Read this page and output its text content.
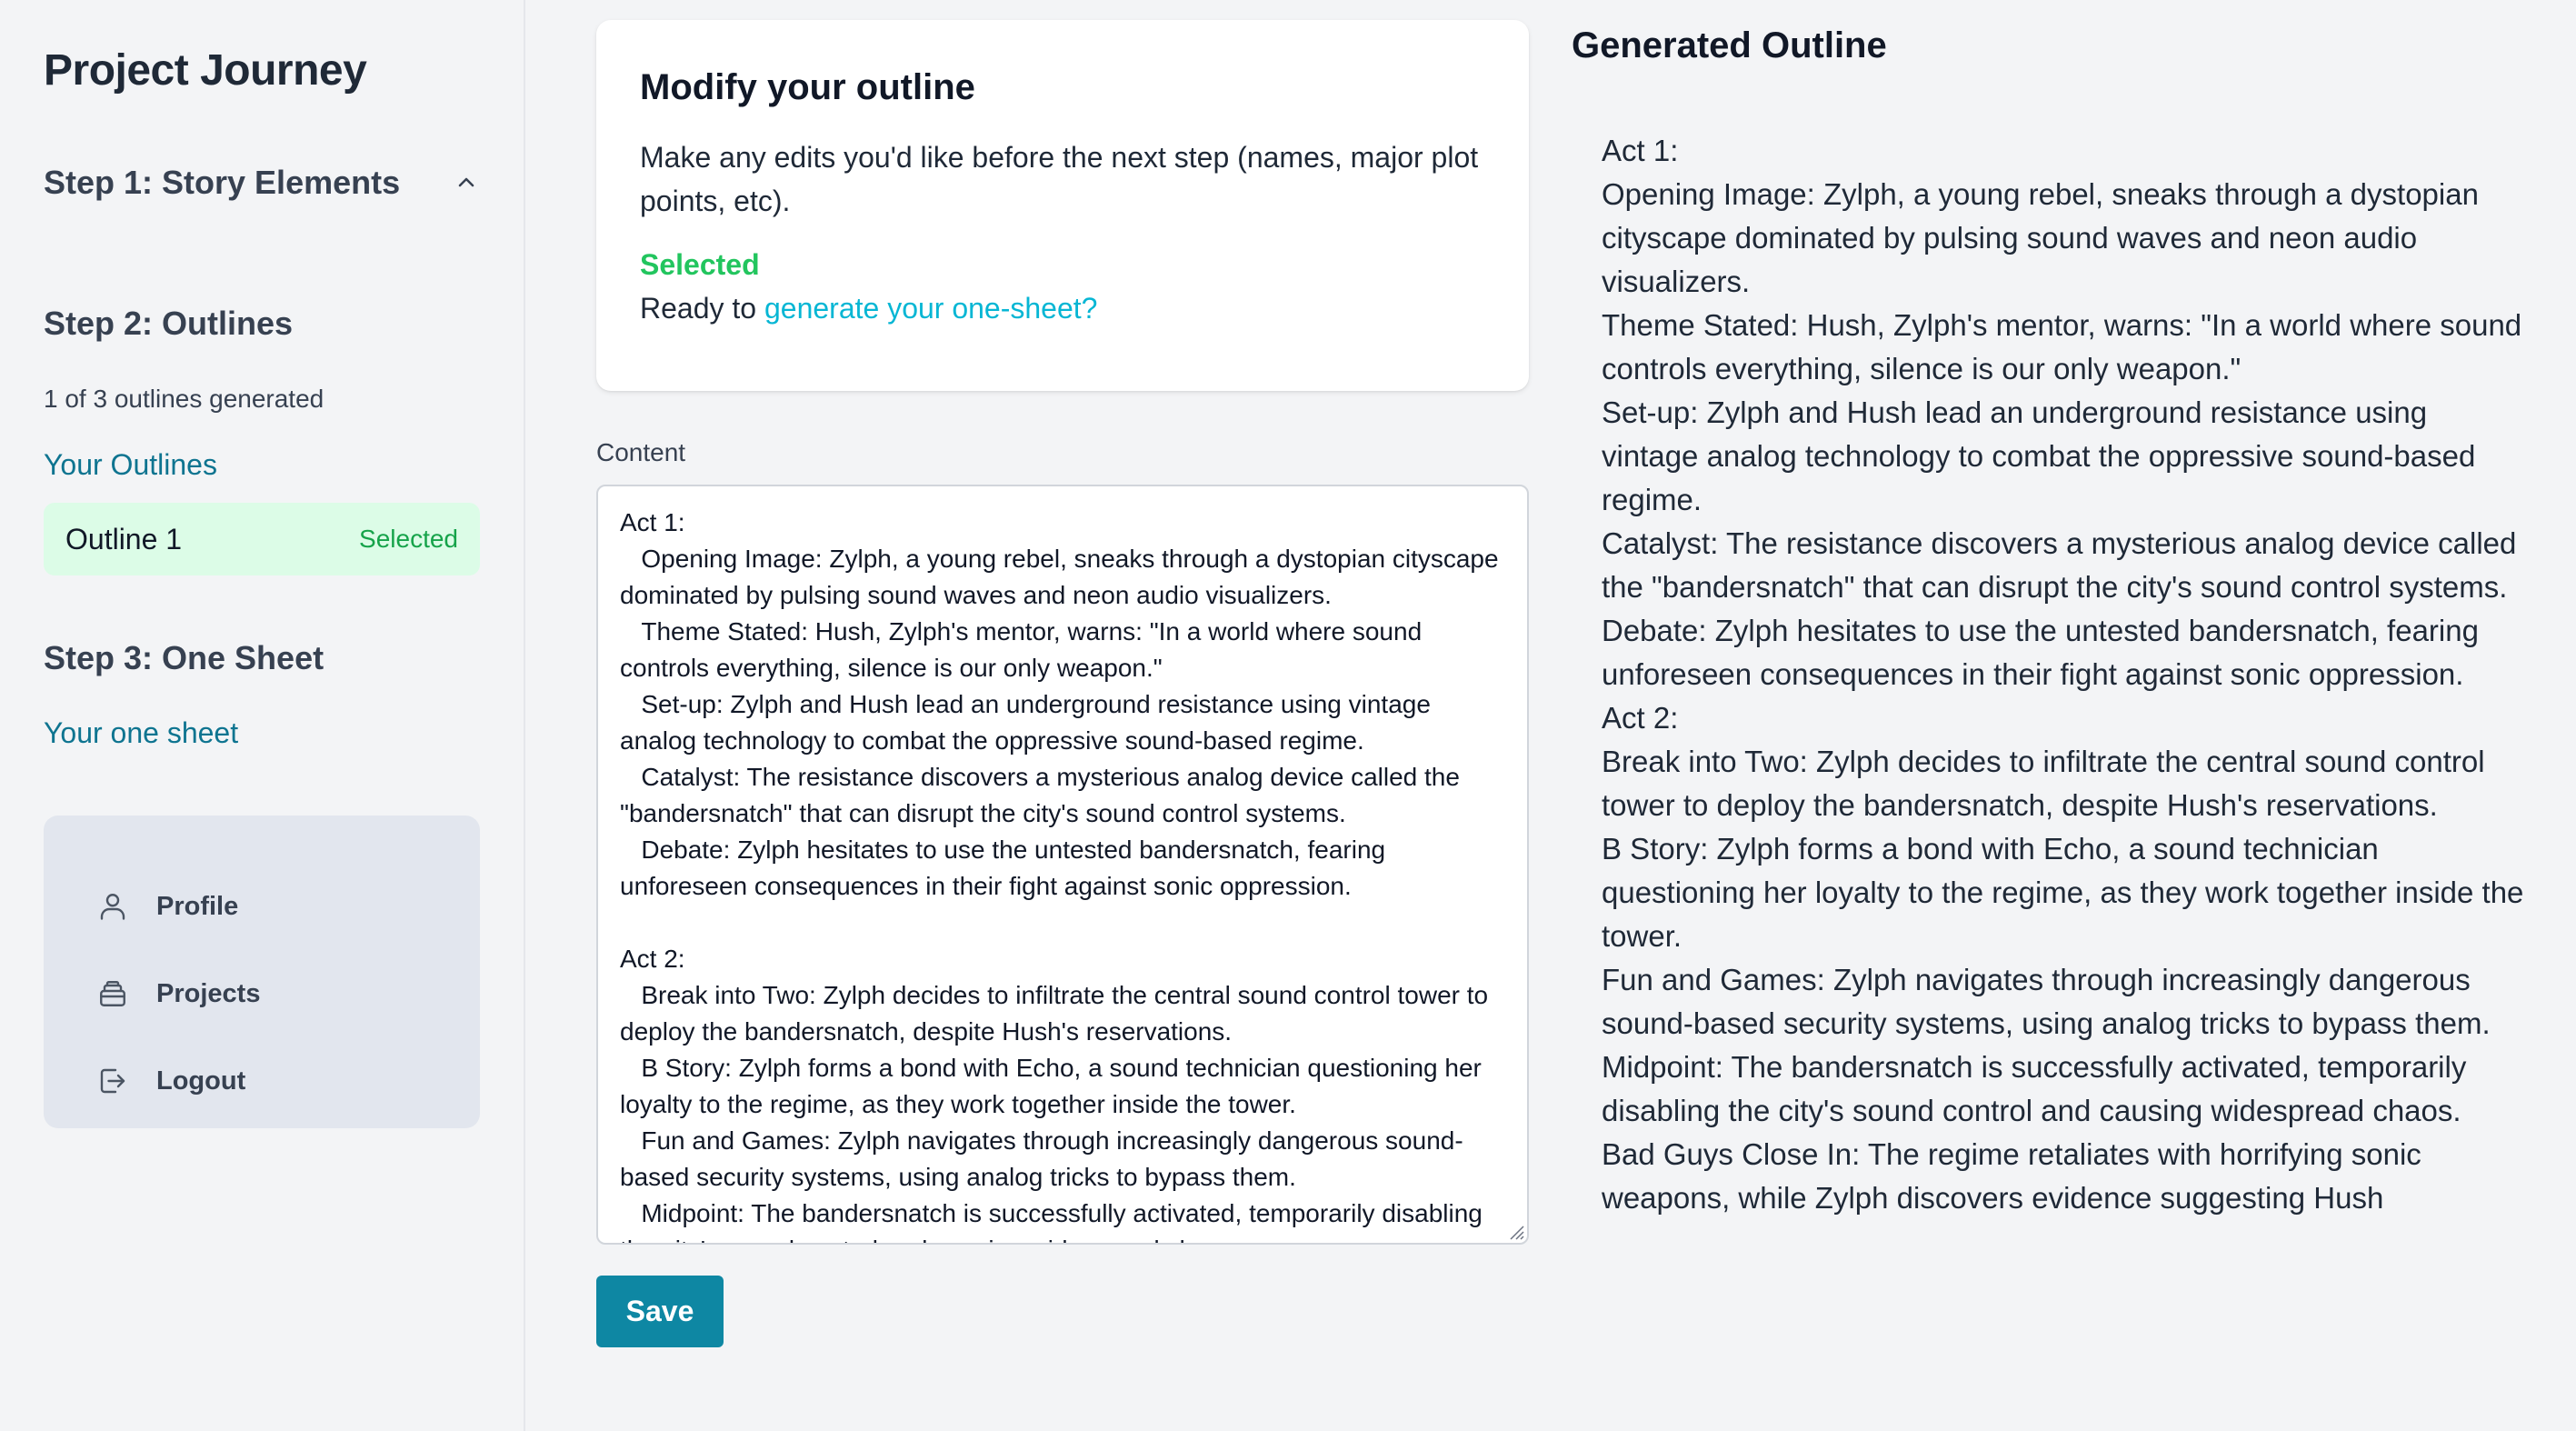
Project Journey
Step 1: Story Elements
Step 2: Outlines
1 of 3 outlines generated
Your Outlines
Outline 1	Selected
Step 3: One Sheet
Your one sheet
Profile
Projects
Logout
Modify your outline

Make any edits you'd like before the next step (names, major plot points, etc).

Selected
Ready to generate your one-sheet?
Content
Act 1: Opening Image: Zylph, a young rebel, sneaks through a dystopian cityscape dominated by pulsing sound waves and neon audio visualizers. Theme Stated: Hush, Zylph's mentor, warns: "In a world where sound controls everything, silence is our only weapon." Set-up: Zylph and Hush lead an underground resistance using vintage analog technology to combat the oppressive sound-based regime. Catalyst: The resistance discovers a mysterious analog device called the "bandersnatch" that can disrupt the city's sound control systems. Debate: Zylph hesitates to use the untested bandersnatch, fearing unforeseen consequences in their fight against sonic oppression. Act 2: Break into Two: Zylph decides to infiltrate the central sound control tower to deploy the bandersnatch, despite Hush's reservations. B Story: Zylph forms a bond with Echo, a sound technician questioning her loyalty to the regime, as they work together inside the tower. Fun and Games: Zylph navigates through increasingly dangerous sound-based security systems, using analog tricks to bypass them. Midpoint: The bandersnatch is successfully activated, temporarily disabling the city's sound control and causing widespread chaos.
Save
Generated Outline
Act 1:
Opening Image: Zylph, a young rebel, sneaks through a dystopian cityscape dominated by pulsing sound waves and neon audio visualizers.
Theme Stated: Hush, Zylph's mentor, warns: "In a world where sound controls everything, silence is our only weapon."
Set-up: Zylph and Hush lead an underground resistance using vintage analog technology to combat the oppressive sound-based regime.
Catalyst: The resistance discovers a mysterious analog device called the "bandersnatch" that can disrupt the city's sound control systems.
Debate: Zylph hesitates to use the untested bandersnatch, fearing unforeseen consequences in their fight against sonic oppression.
Act 2:
Break into Two: Zylph decides to infiltrate the central sound control tower to deploy the bandersnatch, despite Hush's reservations.
B Story: Zylph forms a bond with Echo, a sound technician questioning her loyalty to the regime, as they work together inside the tower.
Fun and Games: Zylph navigates through increasingly dangerous sound-based security systems, using analog tricks to bypass them.
Midpoint: The bandersnatch is successfully activated, temporarily disabling the city's sound control and causing widespread chaos.
Bad Guys Close In: The regime retaliates with horrifying sonic weapons, while Zylph discovers evidence suggesting Hush
